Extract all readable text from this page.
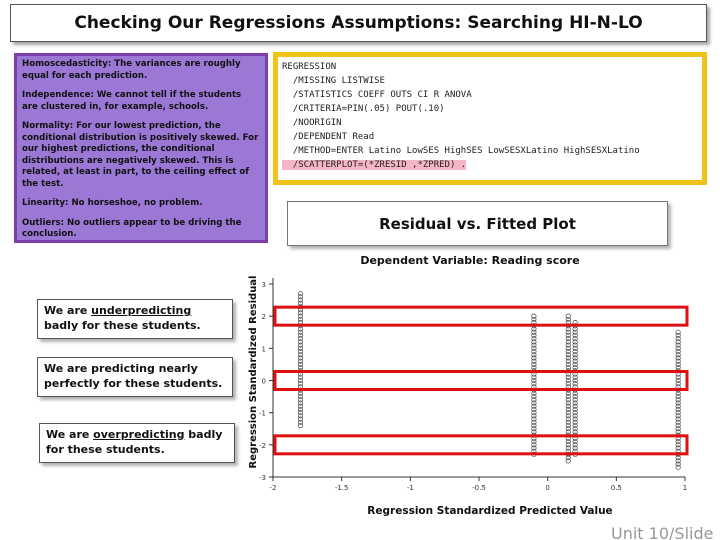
Checking Our Regressions Assumptions: Searching HI-N-LO

Homoscedasticity: The variances are roughly equal for each prediction.

Independence: We cannot tell if the students are clustered in, for example, schools.

Normality: For our lowest prediction, the conditional distribution is positively skewed. For our highest predictions, the conditional distributions are negatively skewed. This is related, at least in part, to the ceiling effect of the test.

Linearity: No horseshoe, no problem.

Outliers: No outliers appear to be driving the conclusion.

REGRESSION
/MISSING LISTWISE
/STATISTICS COEFF OUTS CI R ANOVA
/CRITERIA=PIN(.05) POUT(.10)
/NOORIGIN
/DEPENDENT Read
/METHOD=ENTER Latino LowSES HighSES LowSESXLatino HighSESXLatino
/SCATTERPLOT=(*ZRESID ,*ZPRED) .
Residual vs. Fitted Plot
Dependent Variable: Reading score
Regression Standardized Residual
Regression Standardized Predicted Value
3
2
1
0
-1
-2
-3
-2	-1.5	-1	-0.5	0	0.5	1
We are underpredicting badly for these students.
We are predicting nearly perfectly for these students.
We are overpredicting badly for these students.
Unit 10/Slide
